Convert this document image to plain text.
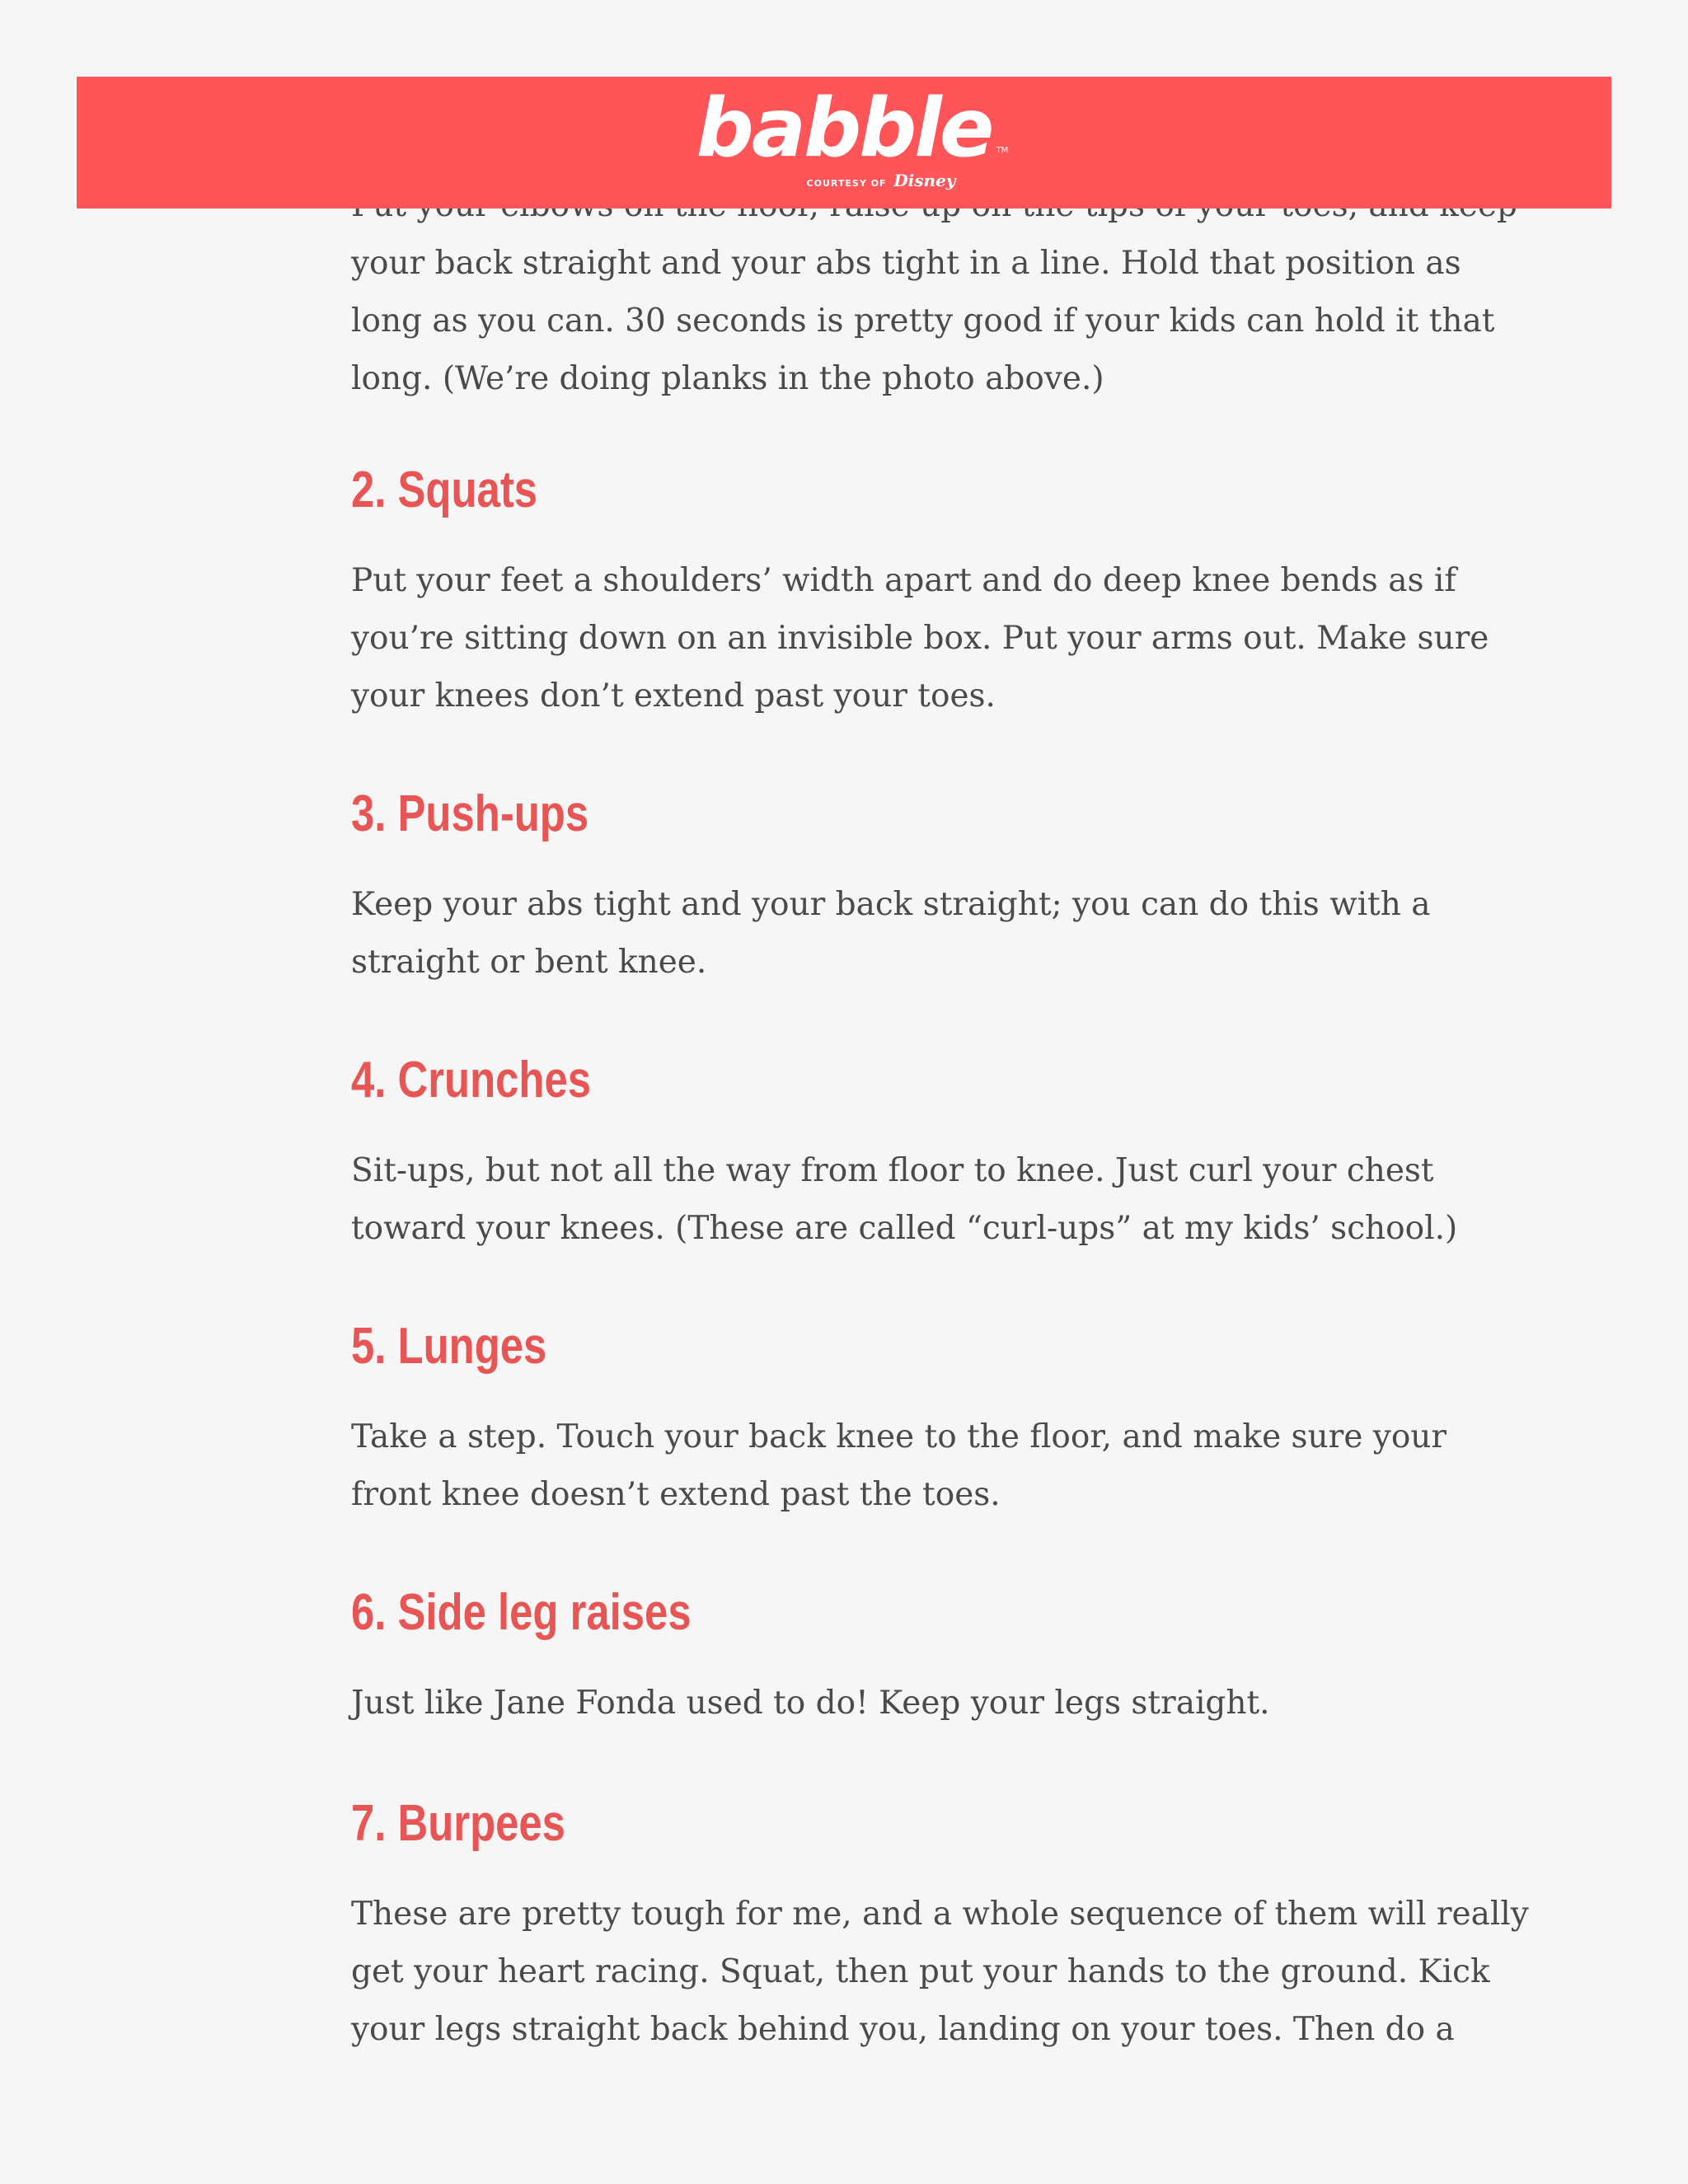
your back straight and your abs tight in a line. Hold that position as
long as you can. 30 seconds is pretty good if your kids can hold it that
long. (We’re doing planks in the photo above.)

2. Squats

Put your feet a shoulders’ width apart and do deep knee bends as if
you’re sitting down on an invisible box. Put your arms out. Make sure
your knees don’t extend past your toes.

3. Push-ups

Keep your abs tight and your back straight; you can do this with a
straight or bent knee.

4. Crunches

Sit-ups, but not all the way from floor to knee. Just curl your chest
toward your knees. (These are called “curl-ups” at my kids’ school.)

5. Lunges

Take a step. Touch your back knee to the floor, and make sure your
front knee doesn’t extend past the toes.

6. Side leg raises

Just like Jane Fonda used to do! Keep your legs straight.

7. Burpees

These are pretty tough for me, and a whole sequence of them will really
get your heart racing. Squat, then put your hands to the ground. Kick
your legs straight back behind you, landing on your toes. Then do a

babble TM
COURTESY OF Disney
